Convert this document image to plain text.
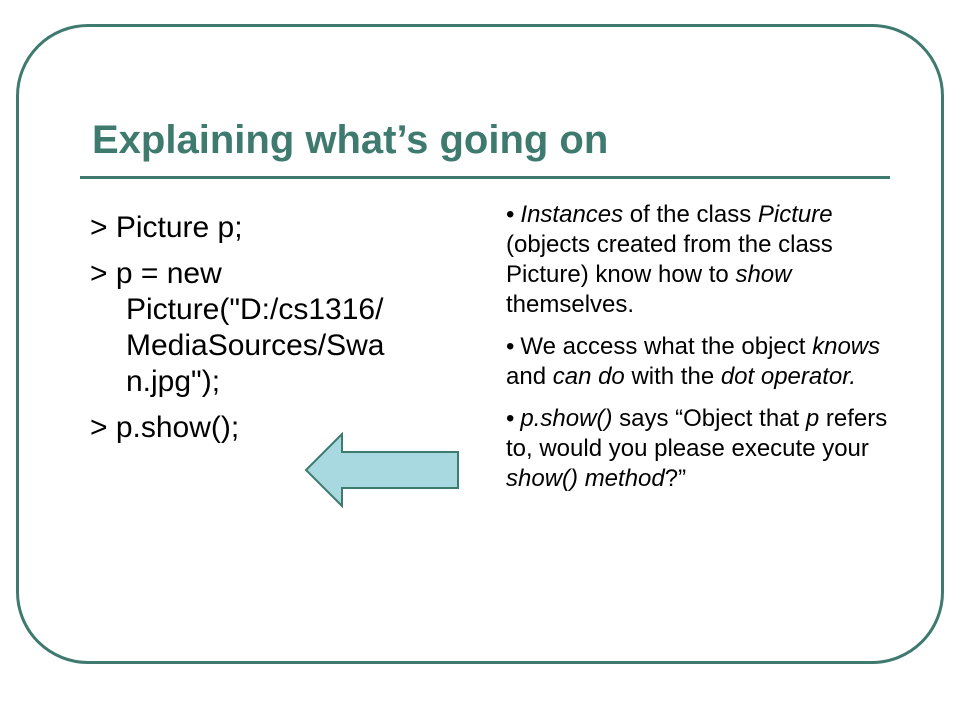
Explaining what’s going on

> Picture p;

> p = new
Picture("D:/cs1316/
MediaSources/Swa
n.jpg");

> p.show();

• Instances of the class Picture (objects created from the class Picture) know how to show themselves.

• We access what the object knows and can do with the dot operator.

• p.show() says “Object that p refers to, would you please execute your show() method?”
